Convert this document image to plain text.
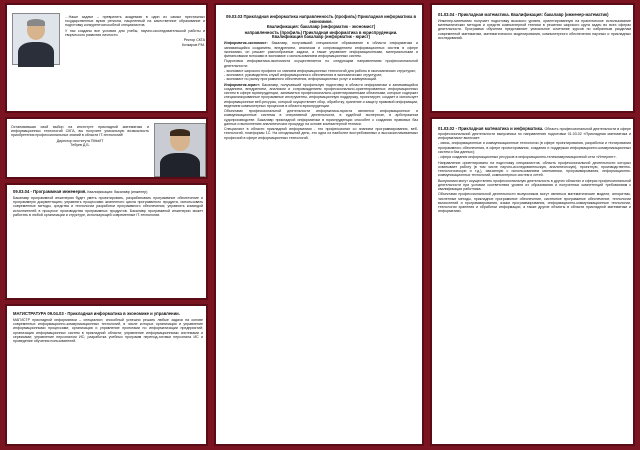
…Наше задаче – превратить академию в один из самых престижных государственных вузов региона, нацеленный на качественное образование и подготовку конкурентоспособной специалистов.
У нас созданы все условия для учебы, научно-исследовательской работы и творческого развития личности.
Ректор СКГА
Кочкаров Р.М.
Остановившая свой выбор на институте прикладной математики и информационных технологий СКГА, вы получите уникальную возможность приобретения профессиональных знаний в области IT-технологий!
Директор института ПМиИТ
Тебуев Д.Б.
09.03.04 - Программная инженерия. Квалификация: бакалавр (инженер)
Бакалавр программной инженерии будет уметь проектировать, разрабатывать программное обеспечение и программную документацию; управлять процессами жизненного цикла программного продукта, использовать современные методы, средства и технологии разработки программного обеспечения; управлять командой исполнителей в процессе производства программных продуктов. Бакалавр программной инженерии может работать в любой организации и структуре, использующей современные IT-технологии.
МАГИСТРАТУРА 09.04.03 - Прикладная информатика в экономике и управлении.
МАГИСТР прикладной информатики – специалист, способный успешно решать любые задачи на основе современных информационно-коммуникационных технологий, в числе которых организация и управление информационными процессами; организация и управление проектами по информатизации предприятий; организация информационных систем в прикладной области; управление информационными системами и сервисами; управление персоналом ИС; разработка учебных программ перепод-готовки персонала ИС и проведение обучения пользователей.
09.03.03 Прикладная информатика направленность (профиль) Прикладная информатика в экономике.
Квалификация: бакалавр (информатик - экономист)
направленность (профиль) Прикладная информатика в юриспруденции.
Квалификация бакалавр (информатик - юрист)
Информатик-экономист: бакалавр, получивший специальное образование в области информатики и занимающийся созданием, внедрением, анализом и сопровождением информационных систем в сфере экономики, он решает разнообразные задачи, а также управляет информационными, материальными и финансовыми потоками в экономике с использованием информационных систем.
Подготовка информатика-экономиста осуществляется по следующим направлениям профессиональной деятельности:
- экономист широкого профиля со знанием информационных технологий для работы в экономических структурах;
- экономист, руководитель служб информационного обеспечения в экономических структурах;
- экономист по рынку программного обеспечения, информационных услуг и коммуникаций.
Информатик-юрист: Бакалавр, получивший профильную подготовку в области информатики и занимающийся созданием, внедрением, анализом и сопровождением профессионально-ориентированных информационных систем в сфере юриспруденции, занимается профессионально-ориентированными облачными, которые содержат специализированные программные инструменты, информационную поддержку, проектирует, создает и использует информационные веб-ресурсы, который осуществляет сбор, обработку, хранение и защиту правовой информации, ведением компьютерных процессов в области юриспруденции.
Объектами профессиональной деятельности информатика-юриста являются информационные и коммуникационные системы в оперативной деятельности, в судебной экспертизе, в арбитражном судопроизводстве. Бакалавр прикладной информатики в юриспруденции способен к созданию правовых баз данных и выполнению аналитических процедур на основе компьютерной техники.
Специалист в области прикладной информатики - это профессионал со знанием программирования, веб-технологий, платформы 1С. На сегодняшний день, это одна из наиболее востребованных и высокооплачиваемых профессий в сфере информационных технологий.
01.03.04 - Прикладная математика. Квалификация: бакалавр (инженер-математик)
Инженер-математик получает подготовку высокого уровня, ориентированную на практическое использование математических методов и средств компьютерной техники в решении широкого круга задач во всех сферах деятельности. Программа обучения представляет уникальное сочетание курсов по избранным разделам современной математики, математического моделирования, компьютерного обеспечения научных и прикладных исследований.
01.03.02 - Прикладная математика и информатика. Область профессиональной деятельности в сфере профессиональной деятельности выпускника по направлению подготовки 01.03.02 «Прикладная математика и информатика» включает:
- связь, информационные и коммуникационные технологии (в сфере проектирования, разработки и тестирования программного обеспечения, в сфере проектирования, создания и поддержки информационно-коммуникационных систем и баз данных);
- сфера создания информационных ресурсов в информационно-телекоммуникационной сети «Интернет».
Направление ориентировано на подготовку специалистов, область профессиональной деятельности которых охватывает работу (в том числе научно-исследовательскую, аналитическую), проектную, производственно-технологическую и т.д.), связанную с использованием математики, программирования, информационно-коммуникационных технологий, компьютерных систем и сетей.
Выпускники могут осуществлять профессиональную деятельность в других областях и сферах профессиональной деятельности при условии соответствия уровня их образования и полученных компетенций требованиям к квалификации работника.
Объектами профессиональной деятельности выпускников могут являться математические модели, алгоритмы, численные методы, прикладное программное обеспечение, системное программное обеспечение, технологии вычислений и программирования, языки программирования, информационно-коммуникационные технологии, технологии хранения и обработки информации, а также другие объекты в области прикладной математики и информатики.
